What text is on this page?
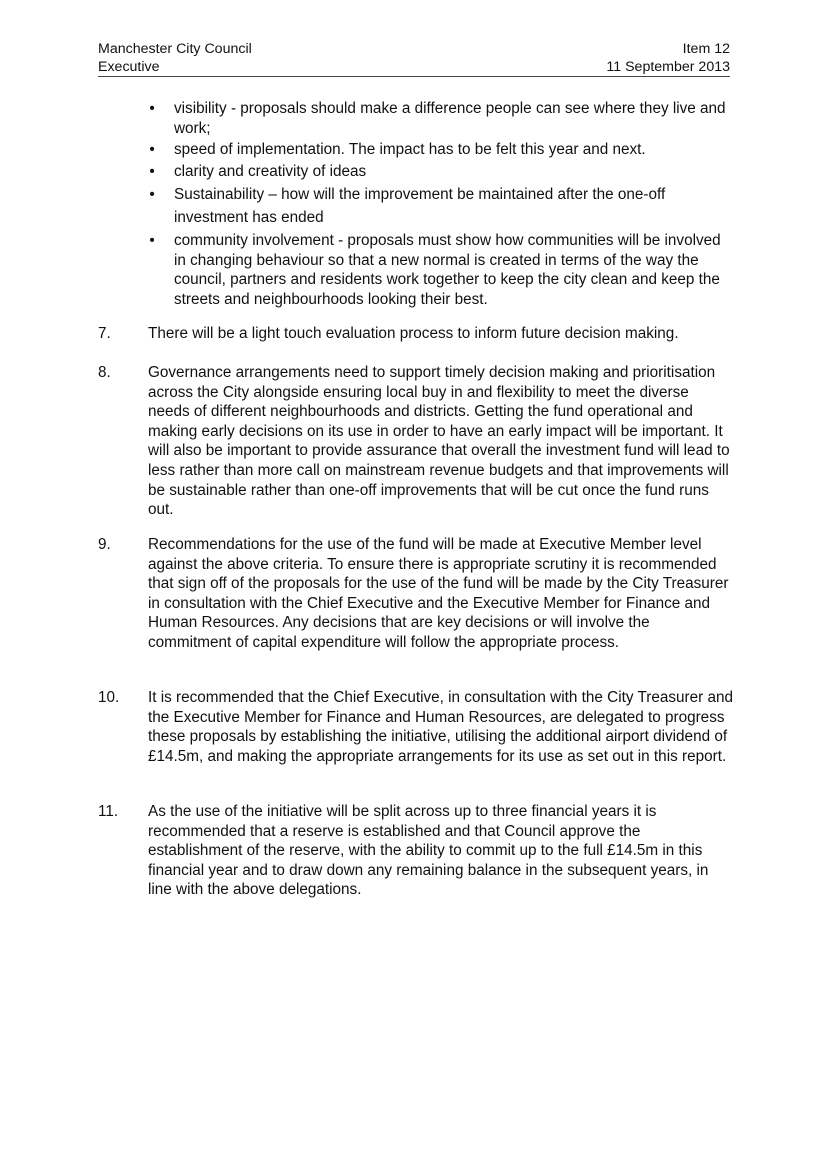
Manchester City Council	Item 12
Executive	11 September 2013
• visibility - proposals should make a difference people can see where they live and work;
• speed of implementation. The impact has to be felt this year and next.
• clarity and creativity of ideas
• Sustainability – how will the improvement be maintained after the one-off investment has ended
• community involvement - proposals must show how communities will be involved in changing behaviour so that a new normal is created in terms of the way the council, partners and residents work together to keep the city clean and keep the streets and neighbourhoods looking their best.
7.	There will be a light touch evaluation process to inform future decision making.
8.	Governance arrangements need to support timely decision making and prioritisation across the City alongside ensuring local buy in and flexibility to meet the diverse needs of different neighbourhoods and districts. Getting the fund operational and making early decisions on its use in order to have an early impact will be important. It will also be important to provide assurance that overall the investment fund will lead to less rather than more call on mainstream revenue budgets and that improvements will be sustainable rather than one-off improvements that will be cut once the fund runs out.
9.	Recommendations for the use of the fund will be made at Executive Member level against the above criteria. To ensure there is appropriate scrutiny it is recommended that sign off of the proposals for the use of the fund will be made by the City Treasurer in consultation with the Chief Executive and the Executive Member for Finance and Human Resources. Any decisions that are key decisions or will involve the commitment of capital expenditure will follow the appropriate process.
10.	It is recommended that the Chief Executive, in consultation with the City Treasurer and the Executive Member for Finance and Human Resources, are delegated to progress these proposals by establishing the initiative, utilising the additional airport dividend of £14.5m, and making the appropriate arrangements for its use as set out in this report.
11.	As the use of the initiative will be split across up to three financial years it is recommended that a reserve is established and that Council approve the establishment of the reserve, with the ability to commit up to the full £14.5m in this financial year and to draw down any remaining balance in the subsequent years, in line with the above delegations.
